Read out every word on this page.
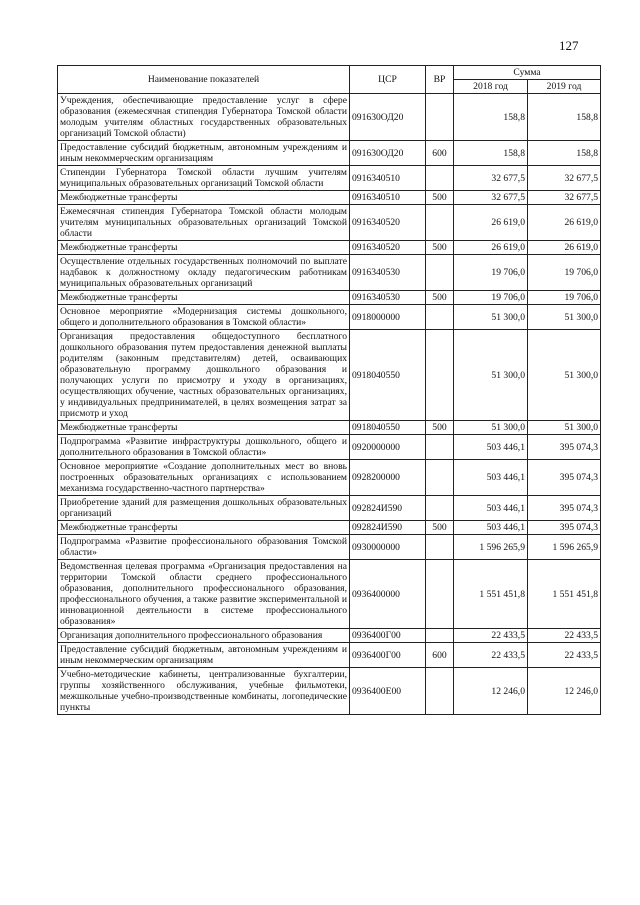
127
Наименование показателей	ЦСР	ВР	Сумма	
			2018 год	2019 год
Учреждения, обеспечивающие предоставление услуг в сфере образования (ежемесячная стипендия Губернатора Томской области молодым учителям областных государственных образовательных организаций Томской области)	091630ОД20		158,8	158,8
Предоставление субсидий бюджетным, автономным учреждениям и иным некоммерческим организациям	091630ОД20	600	158,8	158,8
Стипендии Губернатора Томской области лучшим учителям муниципальных образовательных организаций Томской области	0916340510		32 677,5	32 677,5
Межбюджетные трансферты	0916340510	500	32 677,5	32 677,5
Ежемесячная стипендия Губернатора Томской области молодым учителям муниципальных образовательных организаций Томской области	0916340520		26 619,0	26 619,0
Межбюджетные трансферты	0916340520	500	26 619,0	26 619,0
Осуществление отдельных государственных полномочий по выплате надбавок к должностному окладу педагогическим работникам муниципальных образовательных организаций	0916340530		19 706,0	19 706,0
Межбюджетные трансферты	0916340530	500	19 706,0	19 706,0
Основное мероприятие «Модернизация системы дошкольного, общего и дополнительного образования в Томской области»	0918000000		51 300,0	51 300,0
Организация предоставления общедоступного бесплатного дошкольного образования путем предоставления денежной выплаты родителям (законным представителям) детей, осваивающих образовательную программу дошкольного образования и получающих услуги по присмотру и уходу в организациях, осуществляющих обучение, частных образовательных организациях, у индивидуальных предпринимателей, в целях возмещения затрат за присмотр и уход	0918040550		51 300,0	51 300,0
Межбюджетные трансферты	0918040550	500	51 300,0	51 300,0
Подпрограмма «Развитие инфраструктуры дошкольного, общего и дополнительного образования в Томской области»	0920000000		503 446,1	395 074,3
Основное мероприятие «Создание дополнительных мест во вновь построенных образовательных организациях с использованием механизма государственно-частного партнерства»	0928200000		503 446,1	395 074,3
Приобретение зданий для размещения дошкольных образовательных организаций	092824И590		503 446,1	395 074,3
Межбюджетные трансферты	092824И590	500	503 446,1	395 074,3
Подпрограмма «Развитие профессионального образования Томской области»	0930000000		1 596 265,9	1 596 265,9
Ведомственная целевая программа «Организация предоставления на территории Томской области среднего профессионального образования, дополнительного профессионального образования, профессионального обучения, а также развитие экспериментальной и инновационной деятельности в системе профессионального образования»	0936400000		1 551 451,8	1 551 451,8
Организация дополнительного профессионального образования	0936400Г00		22 433,5	22 433,5
Предоставление субсидий бюджетным, автономным учреждениям и иным некоммерческим организациям	0936400Г00	600	22 433,5	22 433,5
Учебно-методические кабинеты, централизованные бухгалтерии, группы хозяйственного обслуживания, учебные фильмотеки, межшкольные учебно-производственные комбинаты, логопедические пункты	0936400Е00		12 246,0	12 246,0
